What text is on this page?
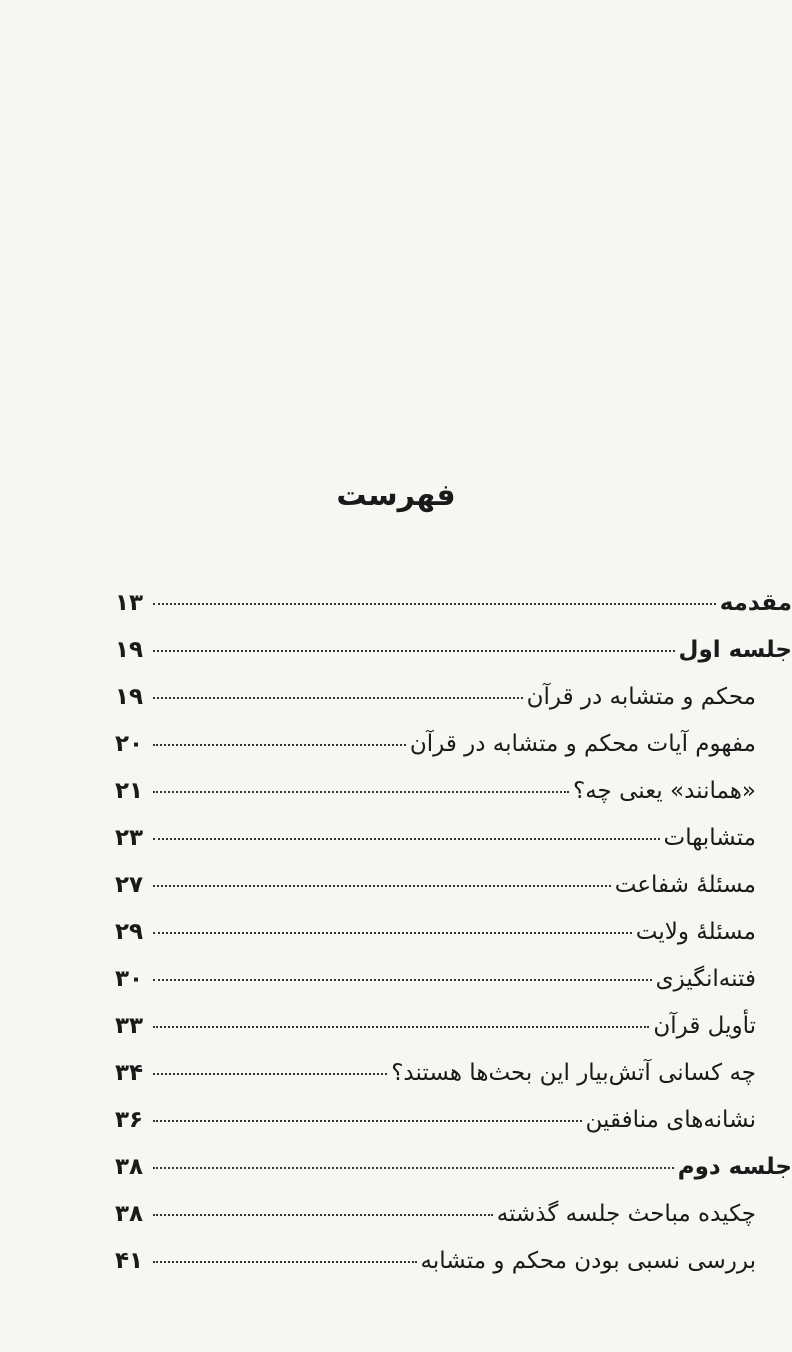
فهرست
مقدمه
۱۳
جلسه اول
۱۹
محکم و متشابه در قرآن
۱۹
مفهوم آیات محکم و متشابه در قرآن
۲۰
«همانند» یعنی چه؟
۲۱
متشابهات
۲۳
مسئلهٔ شفاعت
۲۷
مسئلهٔ ولایت
۲۹
فتنه‌انگیزی
۳۰
تأویل قرآن
۳۳
چه کسانی آتش‌بیار این بحث‌ها هستند؟
۳۴
نشانه‌های منافقین
۳۶
جلسه دوم
۳۸
چکیده مباحث جلسه گذشته
۳۸
بررسی نسبی بودن محکم و متشابه
۴۱
